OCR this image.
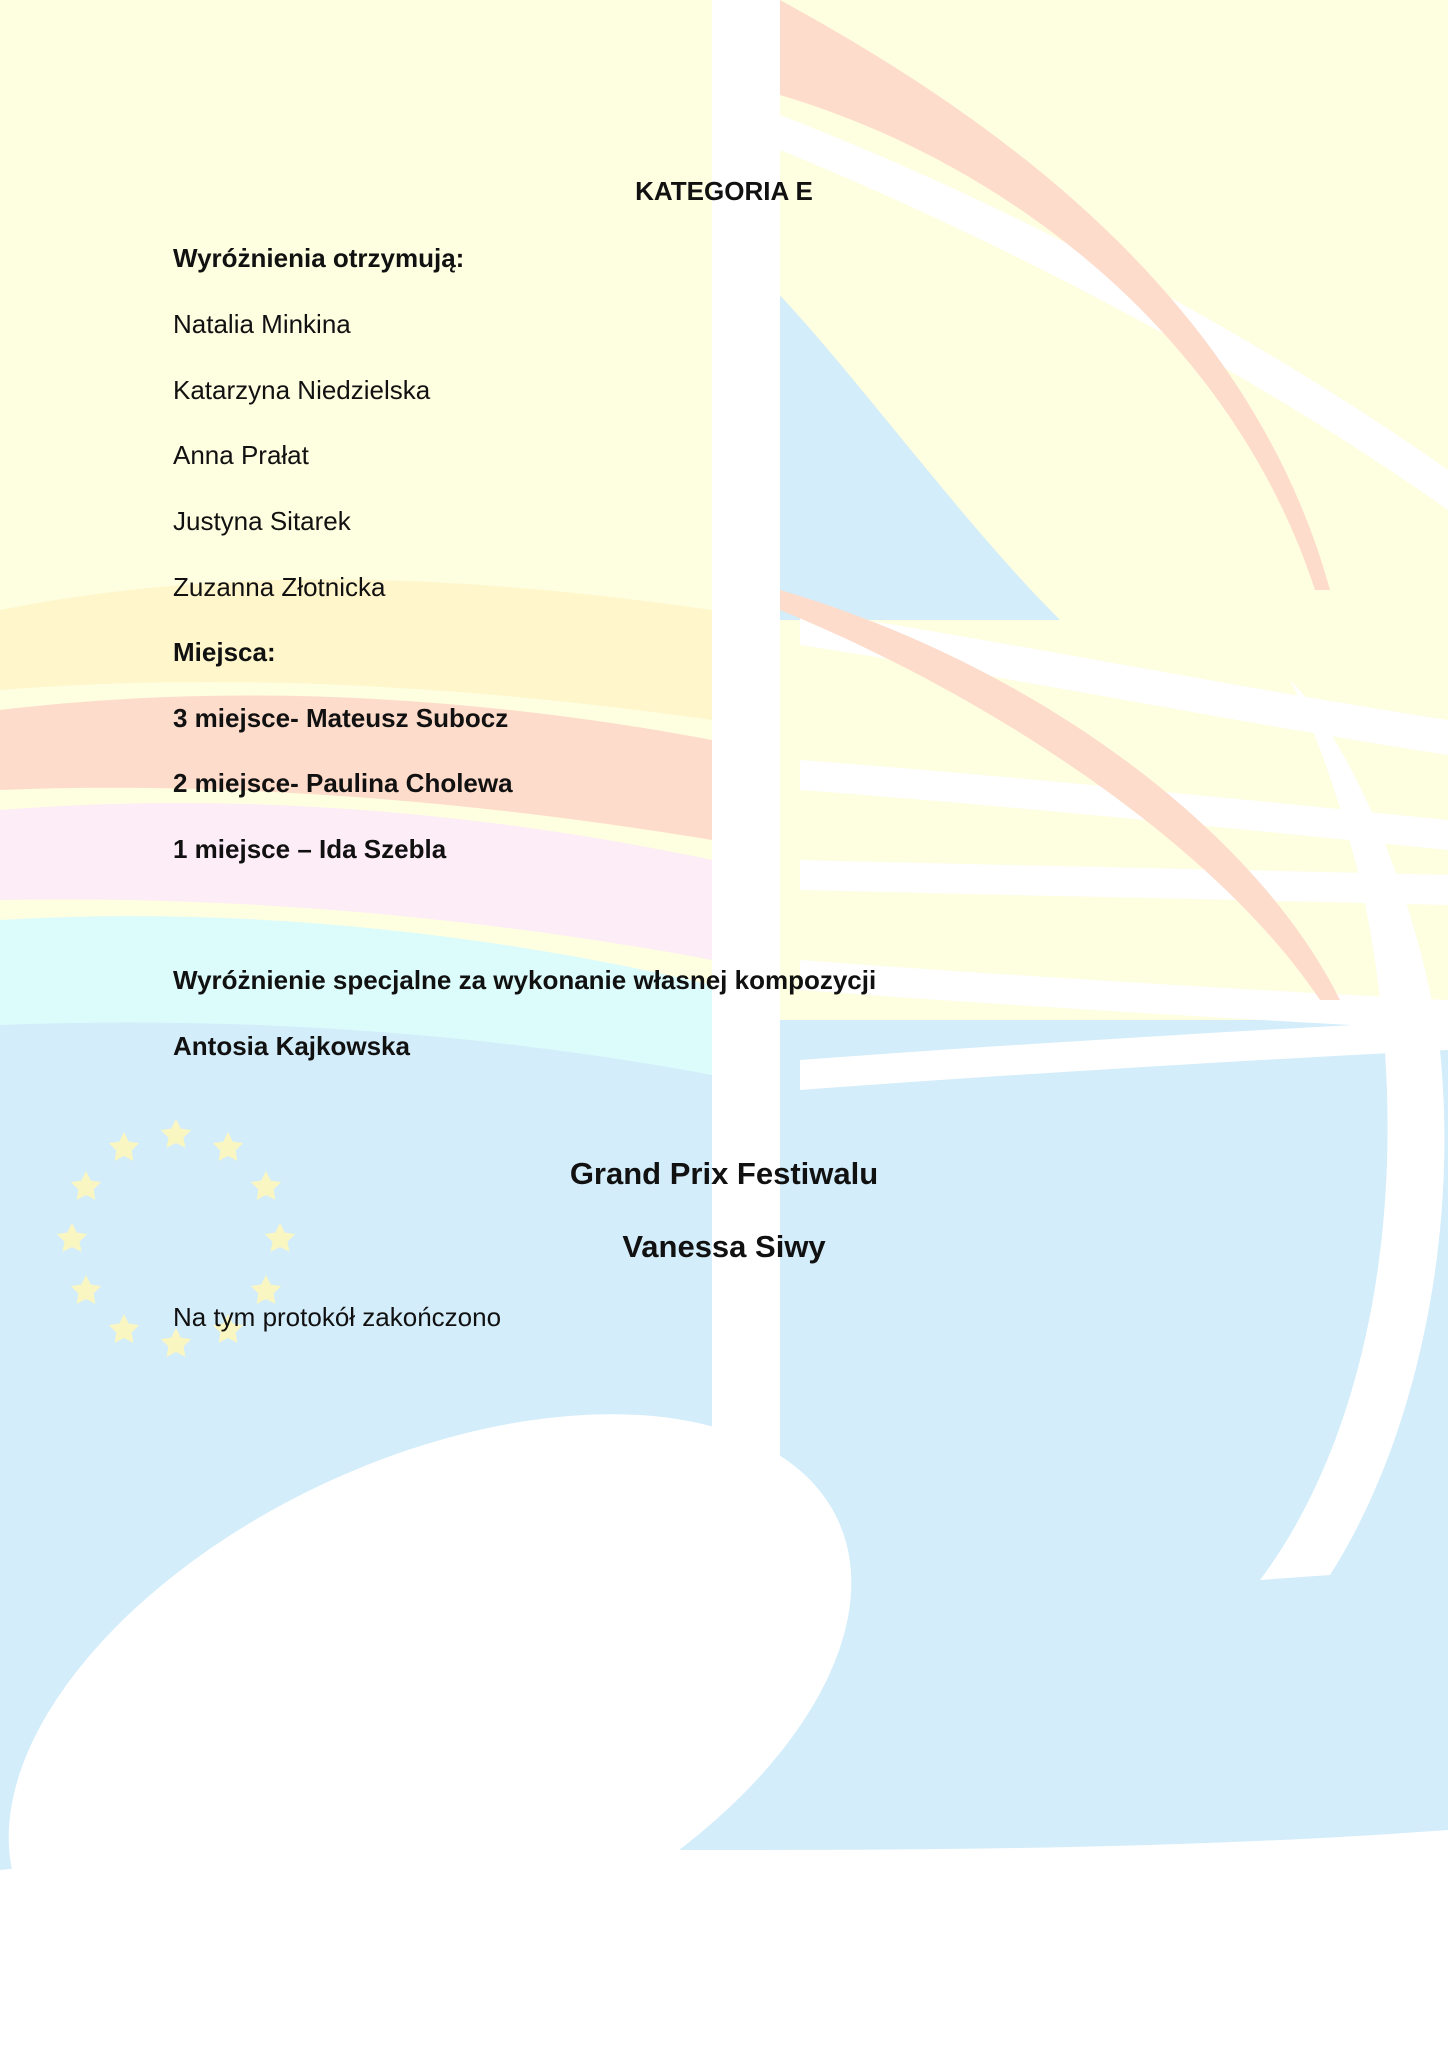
KATEGORIA E

Wyróżnienia otrzymują:

Natalia Minkina

Katarzyna Niedzielska

Anna Prałat

Justyna Sitarek

Zuzanna Złotnicka

Miejsca:

3 miejsce- Mateusz Subocz

2 miejsce- Paulina Cholewa

1 miejsce – Ida Szebla

Wyróżnienie specjalne za wykonanie własnej kompozycji

Antosia Kajkowska

Grand Prix Festiwalu

Vanessa Siwy

Na tym protokół zakończono
